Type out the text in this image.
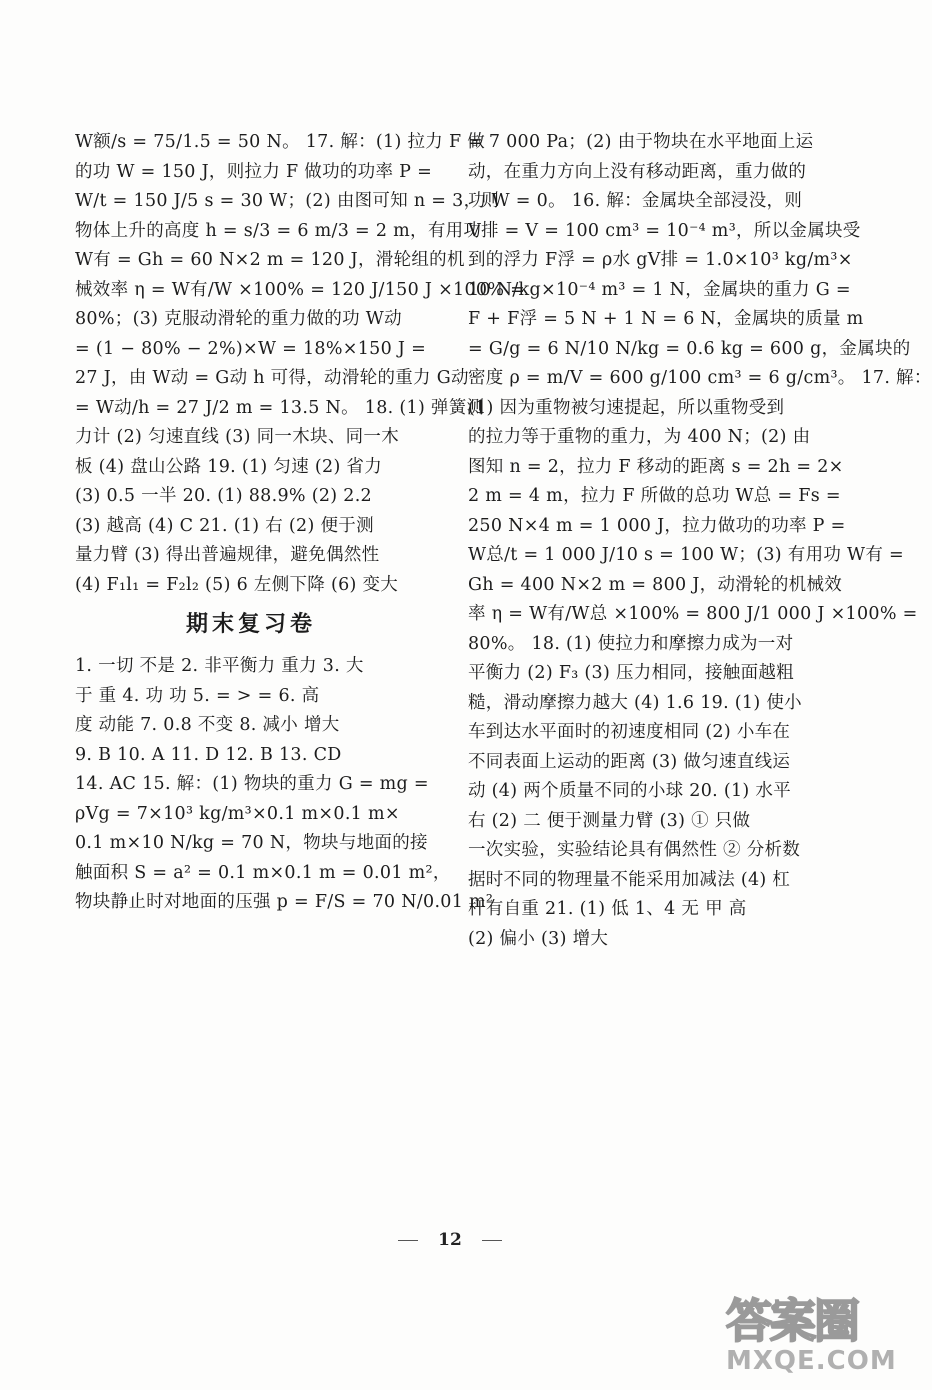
W额/s = 75/1.5 = 50 N。 17. 解：(1) 拉力 F 做
的功 W = 150 J，则拉力 F 做功的功率 P =
W/t = 150 J/5 s = 30 W；(2) 由图可知 n = 3，则
物体上升的高度 h = s/3 = 6 m/3 = 2 m，有用功
W有 = Gh = 60 N×2 m = 120 J，滑轮组的机
械效率 η = W有/W ×100% = 120 J/150 J ×100% =
80%；(3) 克服动滑轮的重力做的功 W动
= (1 − 80% − 2%)×W = 18%×150 J =
27 J，由 W动 = G动 h 可得，动滑轮的重力 G动
= W动/h = 27 J/2 m = 13.5 N。 18. (1) 弹簧测
力计 (2) 匀速直线 (3) 同一木块、同一木
板 (4) 盘山公路 19. (1) 匀速 (2) 省力
(3) 0.5 一半 20. (1) 88.9% (2) 2.2
(3) 越高 (4) C 21. (1) 右 (2) 便于测
量力臂 (3) 得出普遍规律，避免偶然性
(4) F₁l₁ = F₂l₂ (5) 6 左侧下降 (6) 变大
期末复习卷
1. 一切 不是 2. 非平衡力 重力 3. 大
于 重 4. 功 功 5. = > = 6. 高
度 动能 7. 0.8 不变 8. 减小 增大
9. B 10. A 11. D 12. B 13. CD
14. AC 15. 解：(1) 物块的重力 G = mg =
ρVg = 7×10³ kg/m³×0.1 m×0.1 m×
0.1 m×10 N/kg = 70 N，物块与地面的接
触面积 S = a² = 0.1 m×0.1 m = 0.01 m²，
物块静止时对地面的压强 p = F/S = 70 N/0.01 m²
= 7 000 Pa；(2) 由于物块在水平地面上运
动，在重力方向上没有移动距离，重力做的
功 W = 0。 16. 解：金属块全部浸没，则
V排 = V = 100 cm³ = 10⁻⁴ m³，所以金属块受
到的浮力 F浮 = ρ水 gV排 = 1.0×10³ kg/m³×
10 N/kg×10⁻⁴ m³ = 1 N，金属块的重力 G =
F + F浮 = 5 N + 1 N = 6 N，金属块的质量 m
= G/g = 6 N/10 N/kg = 0.6 kg = 600 g，金属块的
密度 ρ = m/V = 600 g/100 cm³ = 6 g/cm³。 17. 解：
(1) 因为重物被匀速提起，所以重物受到
的拉力等于重物的重力，为 400 N；(2) 由
图知 n = 2，拉力 F 移动的距离 s = 2h = 2×
2 m = 4 m，拉力 F 所做的总功 W总 = Fs =
250 N×4 m = 1 000 J，拉力做功的功率 P =
W总/t = 1 000 J/10 s = 100 W；(3) 有用功 W有 =
Gh = 400 N×2 m = 800 J，动滑轮的机械效
率 η = W有/W总 ×100% = 800 J/1 000 J ×100% =
80%。 18. (1) 使拉力和摩擦力成为一对
平衡力 (2) F₃ (3) 压力相同，接触面越粗
糙，滑动摩擦力越大 (4) 1.6 19. (1) 使小
车到达水平面时的初速度相同 (2) 小车在
不同表面上运动的距离 (3) 做匀速直线运
动 (4) 两个质量不同的小球 20. (1) 水平
右 (2) 二 便于测量力臂 (3) ① 只做
一次实验，实验结论具有偶然性 ② 分析数
据时不同的物理量不能采用加减法 (4) 杠
杆有自重 21. (1) 低 1、4 无 甲 高
(2) 偏小 (3) 增大
12
答案圈
MXQE.COM
